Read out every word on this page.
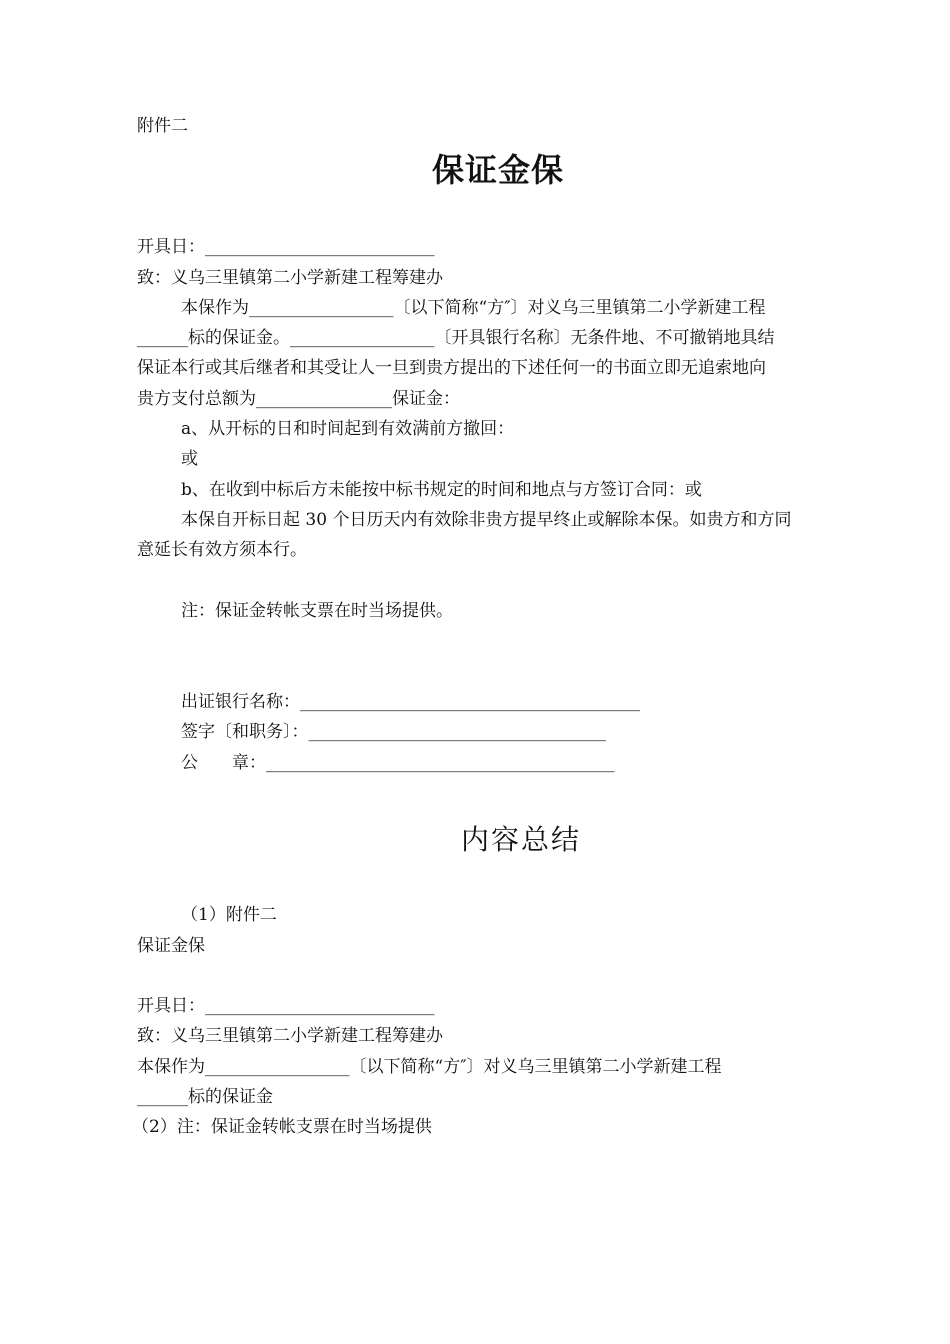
附件二
保证金保
开具日：___________________________
致：义乌三里镇第二小学新建工程筹建办
本保作为_________________〔以下简称“方″〕对义乌三里镇第二小学新建工程
______标的保证金。_________________〔开具银行名称〕无条件地、不可撤销地具结
保证本行或其后继者和其受让人一旦到贵方提出的下述任何一的书面立即无追索地向
贵方支付总额为________________保证金：
a、从开标的日和时间起到有效满前方撤回：
或
b、在收到中标后方未能按中标书规定的时间和地点与方签订合同：或
本保自开标日起 30 个日历天内有效除非贵方提早终止或解除本保。如贵方和方同
意延长有效方须本行。
注：保证金转帐支票在时当场提供。
出证银行名称：________________________________________
签字〔和职务〕：___________________________________
公　　章：_________________________________________
内容总结
（1）附件二
保证金保
开具日：___________________________
致：义乌三里镇第二小学新建工程筹建办
本保作为_________________〔以下简称“方″〕对义乌三里镇第二小学新建工程
______标的保证金
（2）注：保证金转帐支票在时当场提供
